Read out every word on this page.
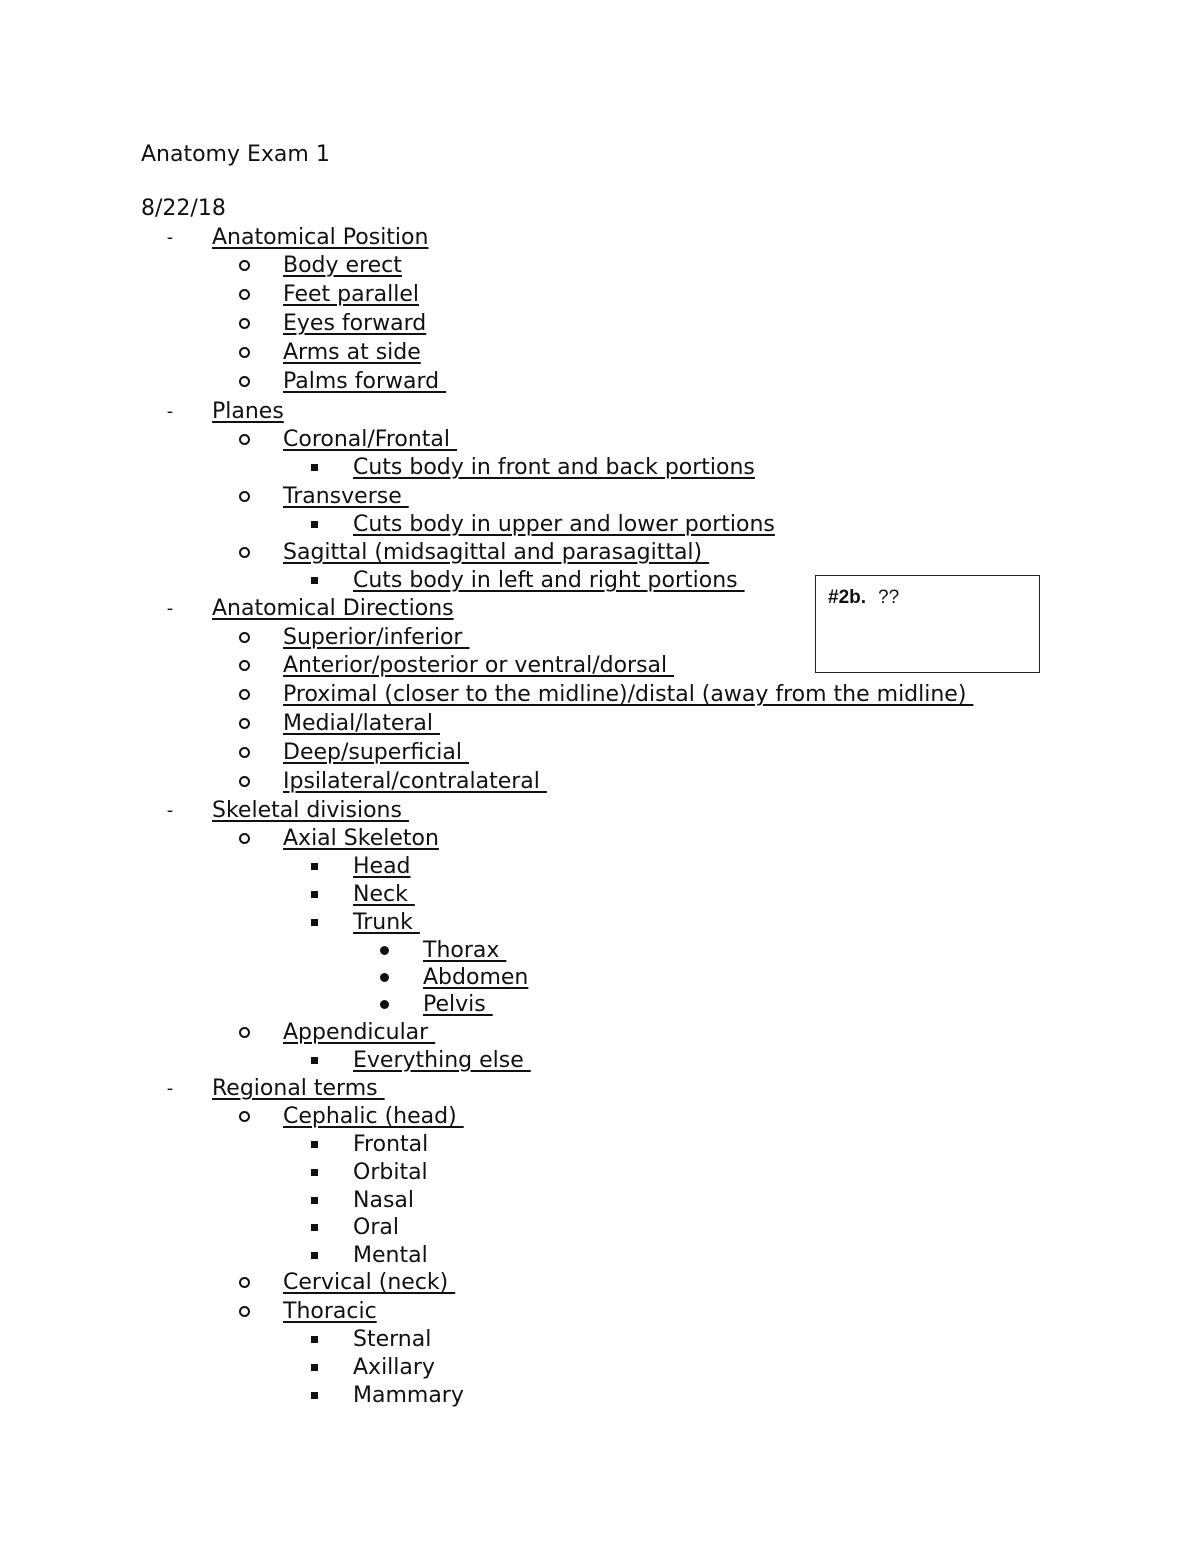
Anatomy Exam 1
8/22/18
-	Anatomical Position
Body erect
Feet parallel
Eyes forward
Arms at side
Palms forward
-	Planes
Coronal/Frontal
Cuts body in front and back portions
Transverse
Cuts body in upper and lower portions
Sagittal (midsagittal and parasagittal)
Cuts body in left and right portions
-	Anatomical Directions
Superior/inferior
Anterior/posterior or ventral/dorsal
Proximal (closer to the midline)/distal (away from the midline)
Medial/lateral
Deep/superficial
Ipsilateral/contralateral
-	Skeletal divisions
Axial Skeleton
Head
Neck
Trunk
Thorax
Abdomen
Pelvis
Appendicular
Everything else
-	Regional terms
Cephalic (head)
Frontal
Orbital
Nasal
Oral
Mental
Cervical (neck)
Thoracic
Sternal
Axillary
Mammary
#2b. ??
